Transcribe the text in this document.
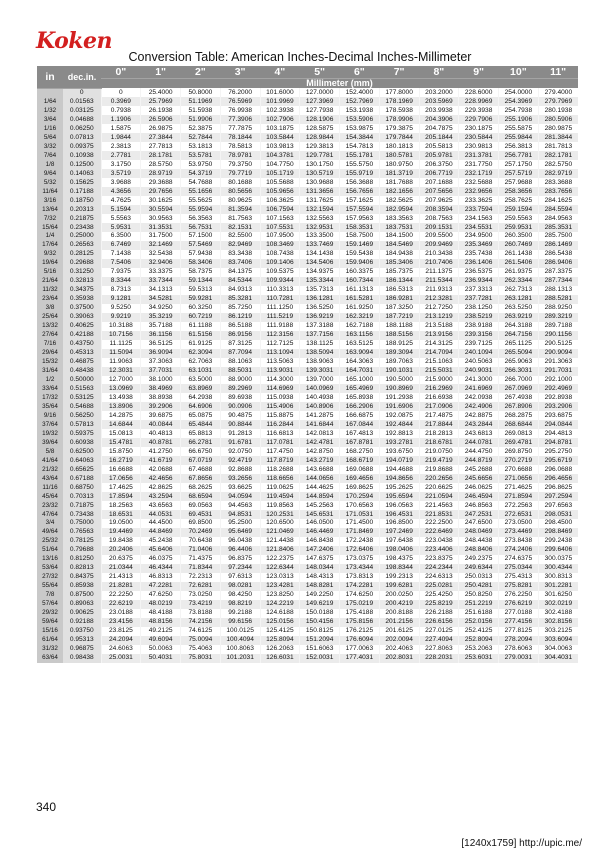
Koken
Conversion Table: American Inches-Decimal Inches-Millimeter
in	dec.in.	0"	1"	2"	3"	4"	5"	6"	7"	8"	9"	10"	11"
		Millimeter (mm)											
	0	0	25.4000	50.8000	76.2000	101.6000	127.0000	152.4000	177.8000	203.2000	228.6000	254.0000	279.4000
1/64	0.01563	0.3969	25.7969	51.1969	76.5969	101.9969	127.3969	152.7969	178.1969	203.5969	228.9969	254.3969	279.7969
1/32	0.03125	0.7938	26.1938	51.5938	76.9938	102.3938	127.7938	153.1938	178.5938	203.9938	229.3938	254.7938	280.1938
3/64	0.04688	1.1906	26.5906	51.9906	77.3906	102.7906	128.1906	153.5906	178.9906	204.3906	229.7906	255.1906	280.5906
1/16	0.06250	1.5875	26.9875	52.3875	77.7875	103.1875	128.5875	153.9875	179.3875	204.7875	230.1875	255.5875	280.9875
5/64	0.07813	1.9844	27.3844	52.7844	78.1844	103.5844	128.9844	154.3844	179.7844	205.1844	230.5844	255.9844	281.3844
3/32	0.09375	2.3813	27.7813	53.1813	78.5813	103.9813	129.3813	154.7813	180.1813	205.5813	230.9813	256.3813	281.7813
7/64	0.10938	2.7781	28.1781	53.5781	78.9781	104.3781	129.7781	155.1781	180.5781	205.9781	231.3781	256.7781	282.1781
1/8	0.12500	3.1750	28.5750	53.9750	79.3750	104.7750	130.1750	155.5750	180.9750	206.3750	231.7750	257.1750	282.5750
9/64	0.14063	3.5719	28.9719	54.3719	79.7719	105.1719	130.5719	155.9719	181.3719	206.7719	232.1719	257.5719	282.9719
5/32	0.15625	3.9688	29.3688	54.7688	80.1688	105.5688	130.9688	156.3688	181.7688	207.1688	232.5688	257.9688	283.3688
11/64	0.17188	4.3656	29.7656	55.1656	80.5656	105.9656	131.3656	156.7656	182.1656	207.5656	232.9656	258.3656	283.7656
3/16	0.18750	4.7625	30.1625	55.5625	80.9625	106.3625	131.7625	157.1625	182.5625	207.9625	233.3625	258.7625	284.1625
13/64	0.20313	5.1594	30.5594	55.9594	81.3594	106.7594	132.1594	157.5594	182.9594	208.3594	233.7594	259.1594	284.5594
7/32	0.21875	5.5563	30.9563	56.3563	81.7563	107.1563	132.5563	157.9563	183.3563	208.7563	234.1563	259.5563	284.9563
15/64	0.23438	5.9531	31.3531	56.7531	82.1531	107.5531	132.9531	158.3531	183.7531	209.1531	234.5531	259.9531	285.3531
1/4	0.25000	6.3500	31.7500	57.1500	82.5500	107.9500	133.3500	158.7500	184.1500	209.5500	234.9500	260.3500	285.7500
17/64	0.26563	6.7469	32.1469	57.5469	82.9469	108.3469	133.7469	159.1469	184.5469	209.9469	235.3469	260.7469	286.1469
9/32	0.28125	7.1438	32.5438	57.9438	83.3438	108.7438	134.1438	159.5438	184.9438	210.3438	235.7438	261.1438	286.5438
19/64	0.29688	7.5406	32.9406	58.3406	83.7406	109.1406	134.5406	159.9406	185.3406	210.7406	236.1406	261.5406	286.9406
5/16	0.31250	7.9375	33.3375	58.7375	84.1375	109.5375	134.9375	160.3375	185.7375	211.1375	236.5375	261.9375	287.3375
21/64	0.32813	8.3344	33.7344	59.1344	84.5344	109.9344	135.3344	160.7344	186.1344	211.5344	236.9344	262.3344	287.7344
11/32	0.34375	8.7313	34.1313	59.5313	84.9313	110.3313	135.7313	161.1313	186.5313	211.9313	237.3313	262.7313	288.1313
23/64	0.35938	9.1281	34.5281	59.9281	85.3281	110.7281	136.1281	161.5281	186.9281	212.3281	237.7281	263.1281	288.5281
3/8	0.37500	9.5250	34.9250	60.3250	85.7250	111.1250	136.5250	161.9250	187.3250	212.7250	238.1250	263.5250	288.9250
25/64	0.39063	9.9219	35.3219	60.7219	86.1219	111.5219	136.9219	162.3219	187.7219	213.1219	238.5219	263.9219	289.3219
13/32	0.40625	10.3188	35.7188	61.1188	86.5188	111.9188	137.3188	162.7188	188.1188	213.5188	238.9188	264.3188	289.7188
27/64	0.42188	10.7156	36.1156	61.5156	86.9156	112.3156	137.7156	163.1156	188.5156	213.9156	239.3156	264.7156	290.1156
7/16	0.43750	11.1125	36.5125	61.9125	87.3125	112.7125	138.1125	163.5125	188.9125	214.3125	239.7125	265.1125	290.5125
29/64	0.45313	11.5094	36.9094	62.3094	87.7094	113.1094	138.5094	163.9094	189.3094	214.7094	240.1094	265.5094	290.9094
15/32	0.46875	11.9063	37.3063	62.7063	88.1063	113.5063	138.9063	164.3063	189.7063	215.1063	240.5063	265.9063	291.3063
31/64	0.48438	12.3031	37.7031	63.1031	88.5031	113.9031	139.3031	164.7031	190.1031	215.5031	240.9031	266.3031	291.7031
1/2	0.50000	12.7000	38.1000	63.5000	88.9000	114.3000	139.7000	165.1000	190.5000	215.9000	241.3000	266.7000	292.1000
33/64	0.51563	13.0969	38.4969	63.8969	89.2969	114.6969	140.0969	165.4969	190.8969	216.2969	241.6969	267.0969	292.4969
17/32	0.53125	13.4938	38.8938	64.2938	89.6938	115.0938	140.4938	165.8938	191.2938	216.6938	242.0938	267.4938	292.8938
35/64	0.54688	13.8906	39.2906	64.6906	90.0906	115.4906	140.8906	166.2906	191.6906	217.0906	242.4906	267.8906	293.2906
9/16	0.56250	14.2875	39.6875	65.0875	90.4875	115.8875	141.2875	166.6875	192.0875	217.4875	242.8875	268.2875	293.6875
37/64	0.57813	14.6844	40.0844	65.4844	90.8844	116.2844	141.6844	167.0844	192.4844	217.8844	243.2844	268.6844	294.0844
19/32	0.59375	15.0813	40.4813	65.8813	91.2813	116.6813	142.0813	167.4813	192.8813	218.2813	243.6813	269.0813	294.4813
39/64	0.60938	15.4781	40.8781	66.2781	91.6781	117.0781	142.4781	167.8781	193.2781	218.6781	244.0781	269.4781	294.8781
5/8	0.62500	15.8750	41.2750	66.6750	92.0750	117.4750	142.8750	168.2750	193.6750	219.0750	244.4750	269.8750	295.2750
41/64	0.64063	16.2719	41.6719	67.0719	92.4719	117.8719	143.2719	168.6719	194.0719	219.4719	244.8719	270.2719	295.6719
21/32	0.65625	16.6688	42.0688	67.4688	92.8688	118.2688	143.6688	169.0688	194.4688	219.8688	245.2688	270.6688	296.0688
43/64	0.67188	17.0656	42.4656	67.8656	93.2656	118.6656	144.0656	169.4656	194.8656	220.2656	245.6656	271.0656	296.4656
11/16	0.68750	17.4625	42.8625	68.2625	93.6625	119.0625	144.4625	169.8625	195.2625	220.6625	246.0625	271.4625	296.8625
45/64	0.70313	17.8594	43.2594	68.6594	94.0594	119.4594	144.8594	170.2594	195.6594	221.0594	246.4594	271.8594	297.2594
23/32	0.71875	18.2563	43.6563	69.0563	94.4563	119.8563	145.2563	170.6563	196.0563	221.4563	246.8563	272.2563	297.6563
47/64	0.73438	18.6531	44.0531	69.4531	94.8531	120.2531	145.6531	171.0531	196.4531	221.8531	247.2531	272.6531	298.0531
3/4	0.75000	19.0500	44.4500	69.8500	95.2500	120.6500	146.0500	171.4500	196.8500	222.2500	247.6500	273.0500	298.4500
49/64	0.76563	19.4469	44.8469	70.2469	95.6469	121.0469	146.4469	171.8469	197.2469	222.6469	248.0469	273.4469	298.8469
25/32	0.78125	19.8438	45.2438	70.6438	96.0438	121.4438	146.8438	172.2438	197.6438	223.0438	248.4438	273.8438	299.2438
51/64	0.79688	20.2406	45.6406	71.0406	96.4406	121.8406	147.2406	172.6406	198.0406	223.4406	248.8406	274.2406	299.6406
13/16	0.81250	20.6375	46.0375	71.4375	96.8375	122.2375	147.6375	173.0375	198.4375	223.8375	249.2375	274.6375	300.0375
53/64	0.82813	21.0344	46.4344	71.8344	97.2344	122.6344	148.0344	173.4344	198.8344	224.2344	249.6344	275.0344	300.4344
27/32	0.84375	21.4313	46.8313	72.2313	97.6313	123.0313	148.4313	173.8313	199.2313	224.6313	250.0313	275.4313	300.8313
55/64	0.85938	21.8281	47.2281	72.6281	98.0281	123.4281	148.8281	174.2281	199.6281	225.0281	250.4281	275.8281	301.2281
7/8	0.87500	22.2250	47.6250	73.0250	98.4250	123.8250	149.2250	174.6250	200.0250	225.4250	250.8250	276.2250	301.6250
57/64	0.89063	22.6219	48.0219	73.4219	98.8219	124.2219	149.6219	175.0219	200.4219	225.8219	251.2219	276.6219	302.0219
29/32	0.90625	23.0188	48.4188	73.8188	99.2188	124.6188	150.0188	175.4188	200.8188	226.2188	251.6188	277.0188	302.4188
59/64	0.92188	23.4156	48.8156	74.2156	99.6156	125.0156	150.4156	175.8156	201.2156	226.6156	252.0156	277.4156	302.8156
15/16	0.93750	23.8125	49.2125	74.6125	100.0125	125.4125	150.8125	176.2125	201.6125	227.0125	252.4125	277.8125	303.2125
61/64	0.95313	24.2094	49.6094	75.0094	100.4094	125.8094	151.2094	176.6094	202.0094	227.4094	252.8094	278.2094	303.6094
31/32	0.96875	24.6063	50.0063	75.4063	100.8063	126.2063	151.6063	177.0063	202.4063	227.8063	253.2063	278.6063	304.0063
63/64	0.98438	25.0031	50.4031	75.8031	101.2031	126.6031	152.0031	177.4031	202.8031	228.2031	253.6031	279.0031	304.4031
340
[1240x1759] http://upic.me/
